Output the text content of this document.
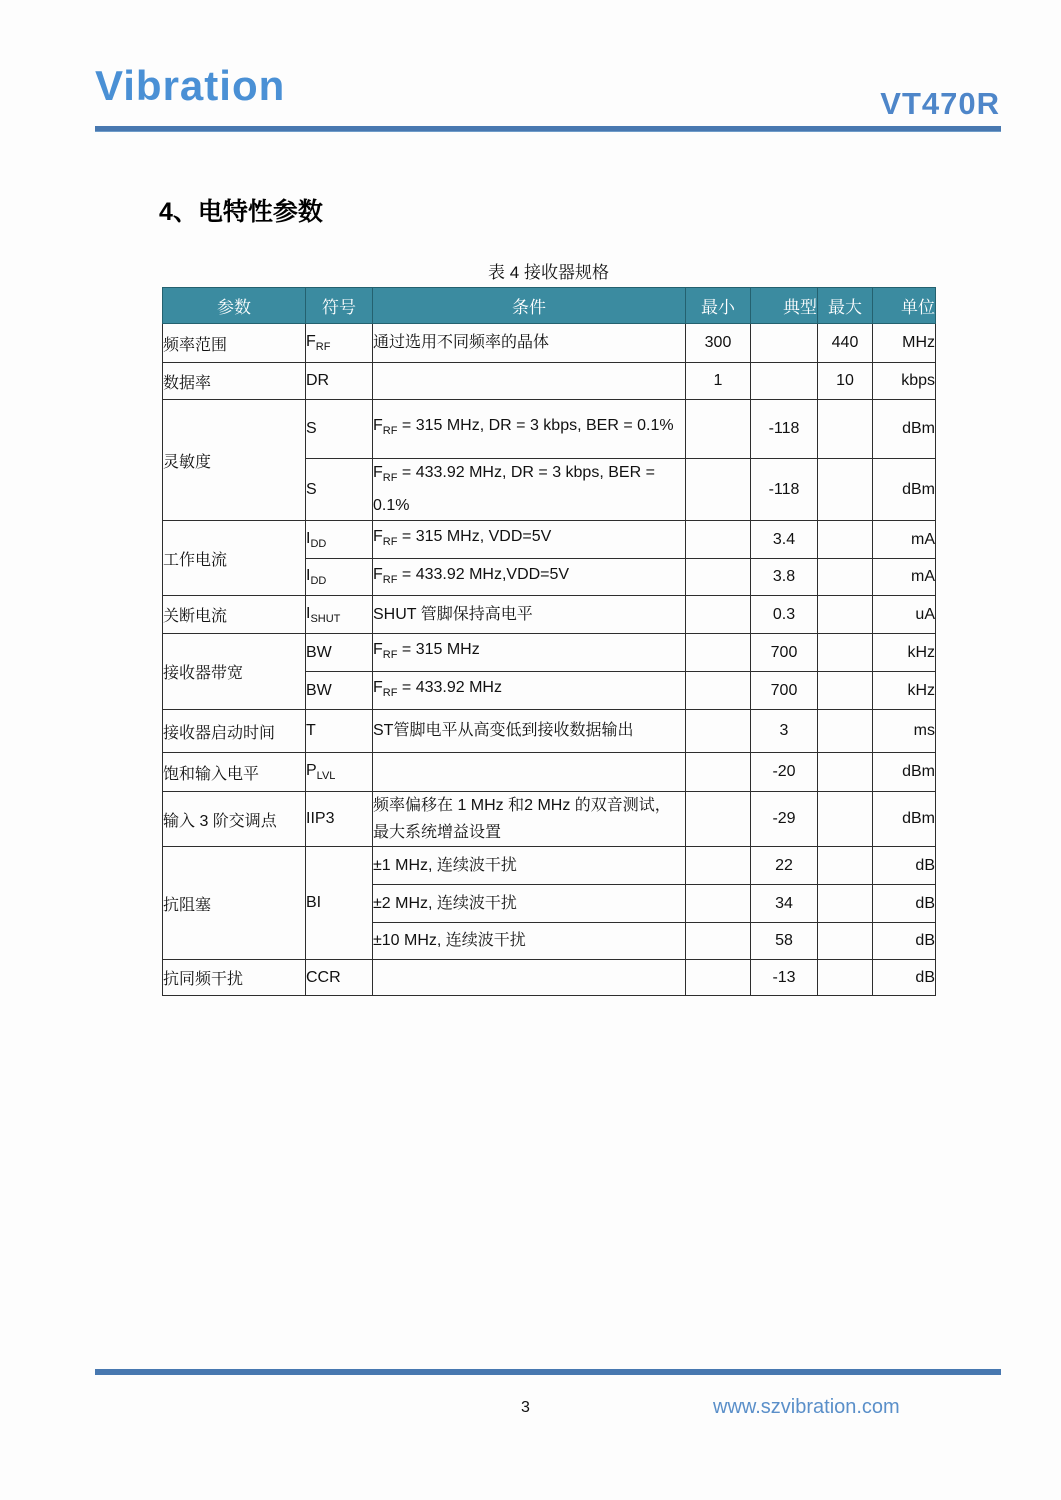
Vibration	VT470R
4、电特性参数
表 4 接收器规格
参数	符号	条件	最小	典型	最大	单位
频率范围	$F_{RF}$	通过选用不同频率的晶体	300		440	MHz
数据率	DR		1		10	kbps
灵敏度	S	$F_{RF} = 315$ MHz, DR = 3 kbps, BER = 0.1%		-118		dBm
	S	$F_{RF} = 433.92$ MHz, DR = 3 kbps, BER = 0.1%		-118		dBm
工作电流	$I_{DD}$	$F_{RF} = 315$ MHz, VDD=5V		3.4		mA
	$I_{DD}$	$F_{RF} = 433.92$ MHz,VDD=5V		3.8		mA
关断电流	$I_{SHUT}$	SHUT 管脚保持高电平		0.3		uA
接收器带宽	BW	$F_{RF} = 315$ MHz		700		kHz
	BW	$F_{RF} = 433.92$ MHz		700		kHz
接收器启动时间	T	ST管脚电平从高变低到接收数据输出		3		ms
饱和输入电平	$P_{LVL}$			-20		dBm
输入 3 阶交调点	IIP3	频率偏移在 1 MHz 和2 MHz 的双音测试，最大系统增益设置		-29		dBm
抗阻塞	BI	±1 MHz, 连续波干扰		22		dB
		±2 MHz, 连续波干扰		34		dB
		±10 MHz, 连续波干扰		58		dB
抗同频干扰	CCR			-13		dB
3	www.szvibration.com
